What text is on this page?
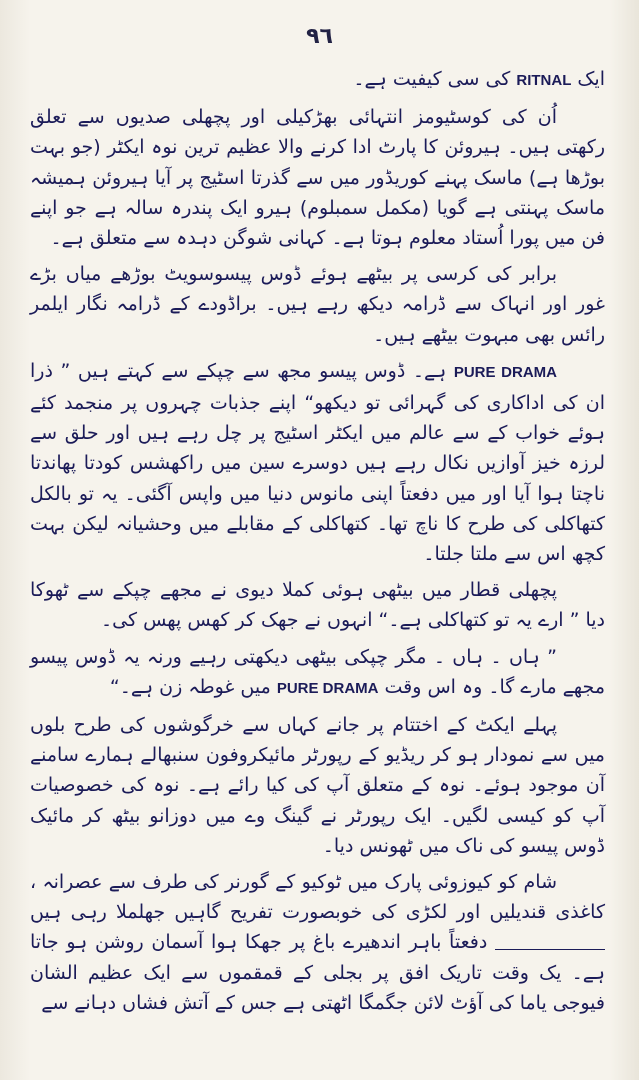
٩٦

ایک RITNAL کی سی کیفیت ہے۔

اُن کی کوسٹیومز انتہائی بھڑکیلی اور پچھلی صدیوں سے تعلق رکھتی ہیں۔ ہیروئن کا پارٹ ادا کرنے والا عظیم ترین نوہ ایکٹر (جو بہت بوڑھا ہے) ماسک پہنے کوریڈور میں سے گذرتا اسٹیج پر آیا ہیروئن ہمیشہ ماسک پہنتی ہے گویا (مکمل سمبلوم) ہیرو ایک پندرہ سالہ ہے جو اپنے فن میں پورا اُستاد معلوم ہوتا ہے۔ کہانی شوگن دہدہ سے متعلق ہے۔

برابر کی کرسی پر بیٹھے ہوئے ڈوس پیسوسویٹ بوڑھے میاں بڑے غور اور انہاک سے ڈرامہ دیکھ رہے ہیں۔ براڈودے کے ڈرامہ نگار ایلمر رائس بھی مبہوت بیٹھے ہیں۔

PURE DRAMA ہے۔ ڈوس پیسو مجھ سے چپکے سے کہتے ہیں ” ذرا ان کی اداکاری کی گہرائی تو دیکھو“ اپنے جذبات چہروں پر منجمد کئے ہوئے خواب کے سے عالم میں ایکٹر اسٹیج پر چل رہے ہیں اور حلق سے لرزہ خیز آوازیں نکال رہے ہیں دوسرے سین میں راکھشس کودتا پھاندتا ناچتا ہوا آیا اور میں دفعتاً اپنی مانوس دنیا میں واپس آگئی۔ یہ تو بالکل کتھاکلی کی طرح کا ناچ تھا۔ کتھاکلی کے مقابلے میں وحشیانہ لیکن بہت کچھ اس سے ملتا جلتا۔

پچھلی قطار میں بیٹھی ہوئی کملا دیوی نے مجھے چپکے سے ٹھوکا دیا ” ارے یہ تو کتھاکلی ہے۔“ انہوں نے جھک کر کھس پھس کی۔

” ہاں ۔ ہاں ۔ مگر چپکی بیٹھی دیکھتی رہیے ورنہ یہ ڈوس پیسو مجھے مارے گا۔ وہ اس وقت PURE DRAMA میں غوطہ زن ہے۔“

پہلے ایکٹ کے اختتام پر جانے کہاں سے خرگوشوں کی طرح بلوں میں سے نمودار ہو کر ریڈیو کے رپورٹر مائیکروفون سنبھالے ہمارے سامنے آن موجود ہوئے۔ نوہ کے متعلق آپ کی کیا رائے ہے۔ نوہ کی خصوصیات آپ کو کیسی لگیں۔ ایک رپورٹر نے گینگ وے میں دوزانو بیٹھ کر مائیک ڈوس پیسو کی ناک میں ٹھونس دیا۔

شام کو کیوزوئی پارک میں ٹوکیو کے گورنر کی طرف سے عصرانہ ، کاغذی قندیلیں اور لکڑی کی خوبصورت تفریح گاہیں جھلملا رہی ہیں  دفعتاً باہر اندھیرے باغ پر جھکا ہوا آسمان روشن ہو جاتا ہے۔ یک وقت تاریک افق پر بجلی کے قمقموں سے ایک عظیم الشان فیوجی یاما کی آؤٹ لائن جگمگا اٹھتی ہے جس کے آتش فشاں دہانے سے
